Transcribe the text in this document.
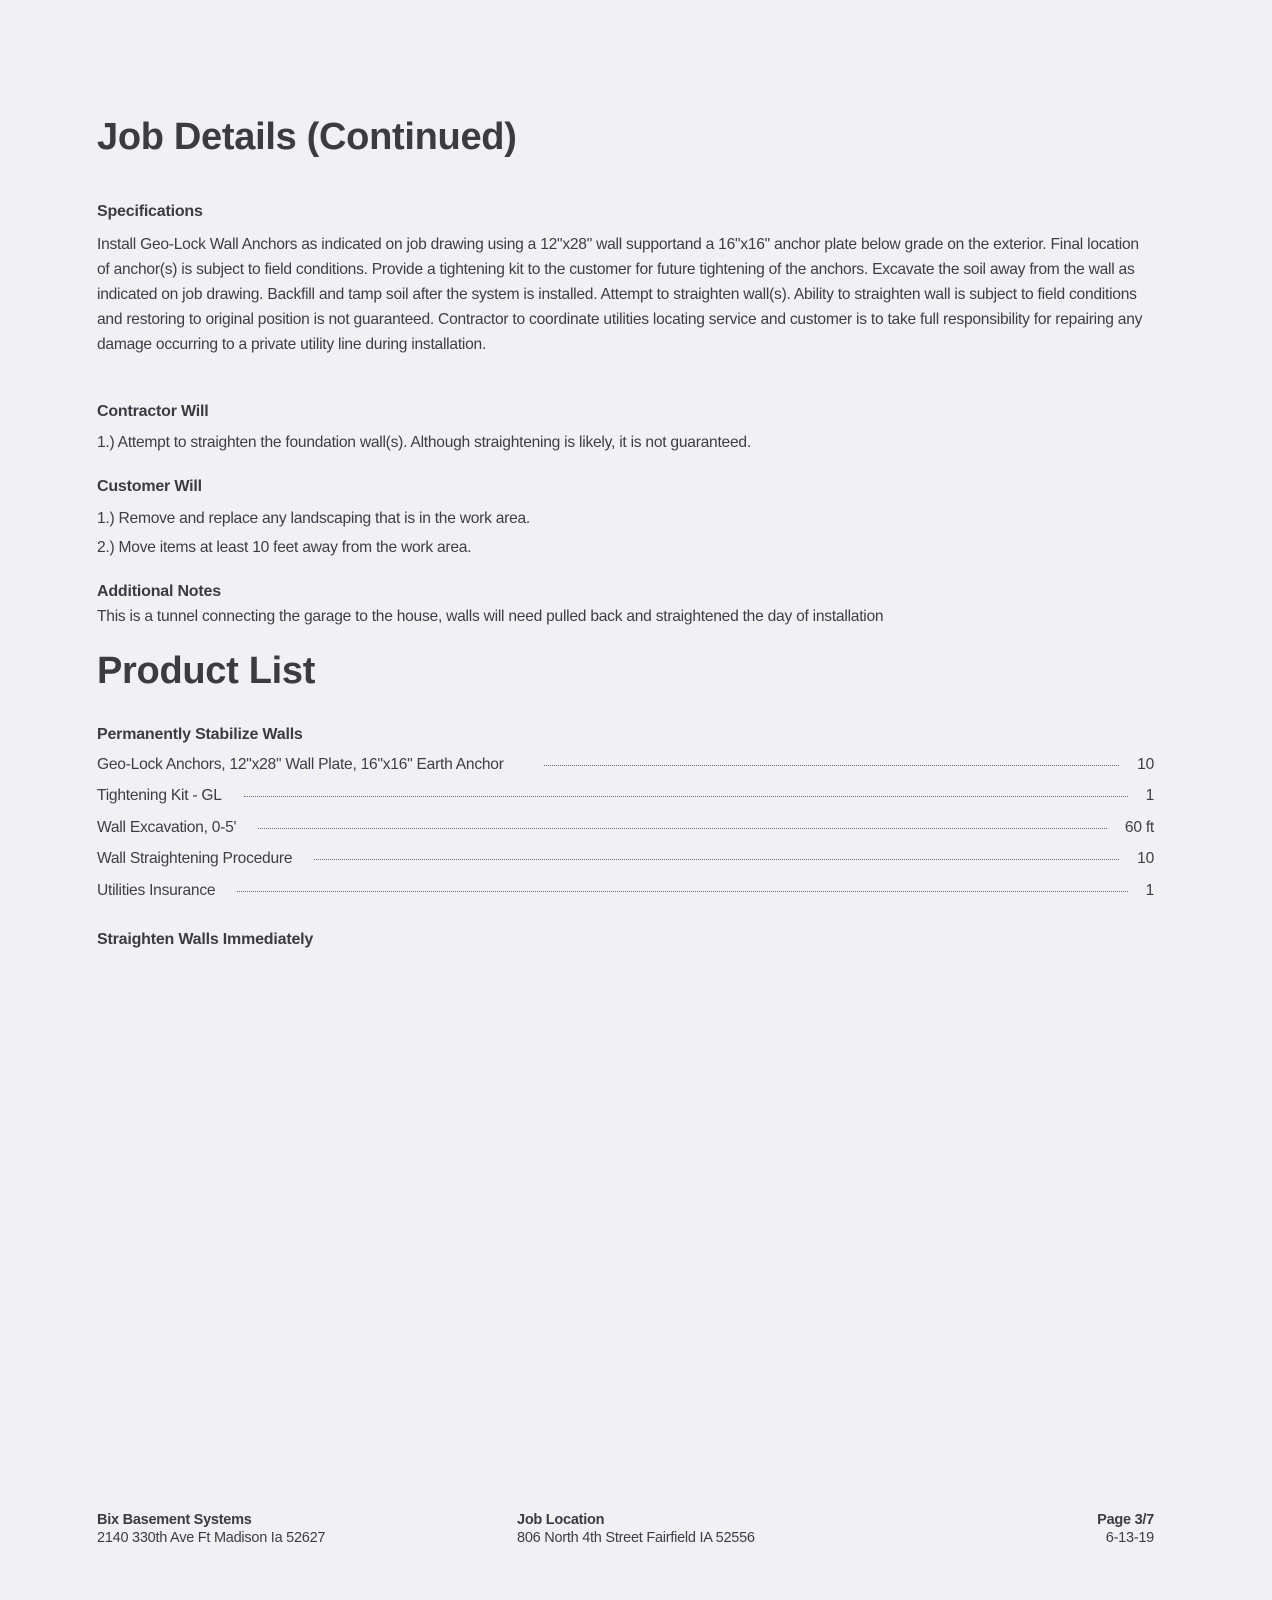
Job Details (Continued)
Specifications
Install Geo-Lock Wall Anchors as indicated on job drawing using a 12"x28" wall supportand a 16"x16" anchor plate below grade on the exterior. Final location of anchor(s) is subject to field conditions. Provide a tightening kit to the customer for future tightening of the anchors. Excavate the soil away from the wall as indicated on job drawing. Backfill and tamp soil after the system is installed. Attempt to straighten wall(s). Ability to straighten wall is subject to field conditions and restoring to original position is not guaranteed. Contractor to coordinate utilities locating service and customer is to take full responsibility for repairing any damage occurring to a private utility line during installation.
Contractor Will
1.) Attempt to straighten the foundation wall(s). Although straightening is likely, it is not guaranteed.
Customer Will
1.) Remove and replace any landscaping that is in the work area.
2.) Move items at least 10 feet away from the work area.
Additional Notes
This is a tunnel connecting the garage to the house, walls will need pulled back and straightened the day of installation
Product List
Permanently Stabilize Walls
Geo-Lock Anchors, 12"x28" Wall Plate, 16"x16" Earth Anchor	10
Tightening Kit - GL	1
Wall Excavation, 0-5'	60 ft
Wall Straightening Procedure	10
Utilities Insurance	1
Straighten Walls Immediately
Bix Basement Systems
2140 330th Ave Ft Madison Ia 52627
Job Location
806 North 4th Street Fairfield IA 52556
Page 3/7
6-13-19
